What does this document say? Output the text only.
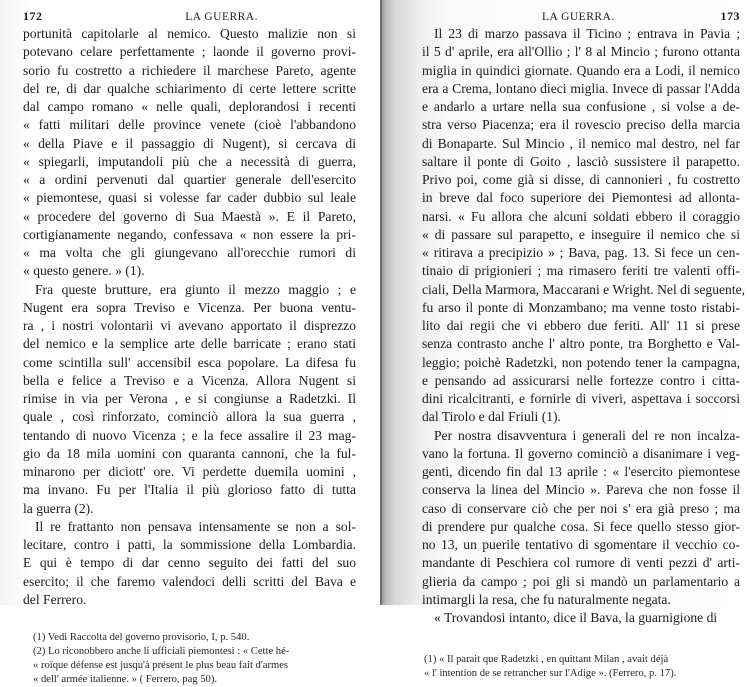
172	LA GUERRA.
portunità capitolarle al nemico. Questo malizie non si
potevano celare perfettamente ; laonde il governo provi-
sorio fu costretto a richiedere il marchese Pareto, agente
del re, di dar qualche schiarimento di certe lettere scritte
dal campo romano « nelle quali, deplorandosi i recenti
« fatti militari delle province venete (cioè l'abbandono
« della Piave e il passaggio di Nugent), si cercava di
« spiegarli, imputandoli più che a necessità di guerra,
« a ordini pervenuti dal quartier generale dell'esercito
« piemontese, quasi si volesse far cader dubbio sul leale
« procedere del governo di Sua Maestà ». E il Pareto,
cortigianamente negando, confessava « non essere la pri-
« ma volta che gli giungevano all'orecchie rumori di
« questo genere. » (1).
Fra queste brutture, era giunto il mezzo maggio ; e
Nugent era sopra Treviso e Vicenza. Per buona ventu-
ra , i nostri volontarii vi avevano apportato il disprezzo
del nemico e la semplice arte delle barricate ; erano stati
come scintilla sull' accensibil esca popolare. La difesa fu
bella e felice a Treviso e a Vicenza. Allora Nugent si
rimise in via per Verona , e si congiunse a Radetzki. Il
quale , così rinforzato, cominciò allora la sua guerra ,
tentando di nuovo Vicenza ; e la fece assalire il 23 mag-
gio da 18 mila uomini con quaranta cannoni, che la ful-
minarono per diciott' ore. Vi perdette duemila uomini ,
ma invano. Fu per l'Italia il più glorioso fatto di tutta
la guerra (2).
Il re frattanto non pensava intensamente se non a sol-
lecitare, contro i patti, la sommissione della Lombardia.
E qui è tempo di dar cenno seguito dei fatti del suo
esercito; il che faremo valendoci delli scritti del Bava e
del Ferrero.
(1) Vedi Raccolta del governo provisorio, I, p. 540.
(2) Lo riconobbero anche li ufficiali piemontesi : « Cette hé-
« roïque défense est jusqu'à présent le plus beau fait d'armes
« dell' armée italienne. » ( Ferrero, pag 50).
LA GUERRA.	173
Il 23 di marzo passava il Ticino ; entrava in Pavia ;
il 5 d' aprile, era all'Ollio ; l' 8 al Mincio ; furono ottanta
miglia in quindici giornate. Quando era a Lodi, il nemico
era a Crema, lontano dieci miglia. Invece di passar l'Adda
e andarlo a urtare nella sua confusione , si volse a de-
stra verso Piacenza; era il rovescio preciso della marcia
di Bonaparte. Sul Mincio , il nemico mal destro, nel far
saltare il ponte di Goito , lasciò sussistere il parapetto.
Privo poi, come già si disse, di cannonieri , fu costretto
in breve dal foco superiore dei Piemontesi ad allonta-
narsi. « Fu allora che alcuni soldati ebbero il coraggio
« di passare sul parapetto, e inseguire il nemico che si
« ritirava a precipizio » ; Bava, pag. 13. Si fece un cen-
tinaio di prigionieri ; ma rimasero feriti tre valenti offi-
ciali, Della Marmora, Maccarani e Wright. Nel di seguente,
fu arso il ponte di Monzambano; ma venne tosto ristabi-
lito dai regii che vi ebbero due feriti. All' 11 si prese
senza contrasto anche l' altro ponte, tra Borghetto e Val-
leggio; poichè Radetzki, non potendo tener la campagna,
e pensando ad assicurarsi nelle fortezze contro i citta-
dini ricalcitranti, e fornirle di viveri, aspettava i soccorsi
dal Tirolo e dal Friuli (1).
Per nostra disavventura i generali del re non incalza-
vano la fortuna. Il governo cominciò a disanimare i veg-
genti, dicendo fin dal 13 aprile : « l'esercito piemontese
conserva la linea del Mincio ». Pareva che non fosse il
caso di conservare ciò che per noi s' era già preso ; ma
di prendere pur qualche cosa. Si fece quello stesso gior-
no 13, un puerile tentativo di sgomentare il vecchio co-
mandante di Peschiera col rumore di venti pezzi d' arti-
glieria da campo ; poi gli si mandò un parlamentario a
intimargli la resa, che fu naturalmente negata.
« Trovandosi intanto, dice il Bava, la guarnigione di
(1) « Il parait que Radetzki , en quittant Milan , avait déjà
« l' intention de se retrancher sur l'Adige ». (Ferrero, p. 17).
